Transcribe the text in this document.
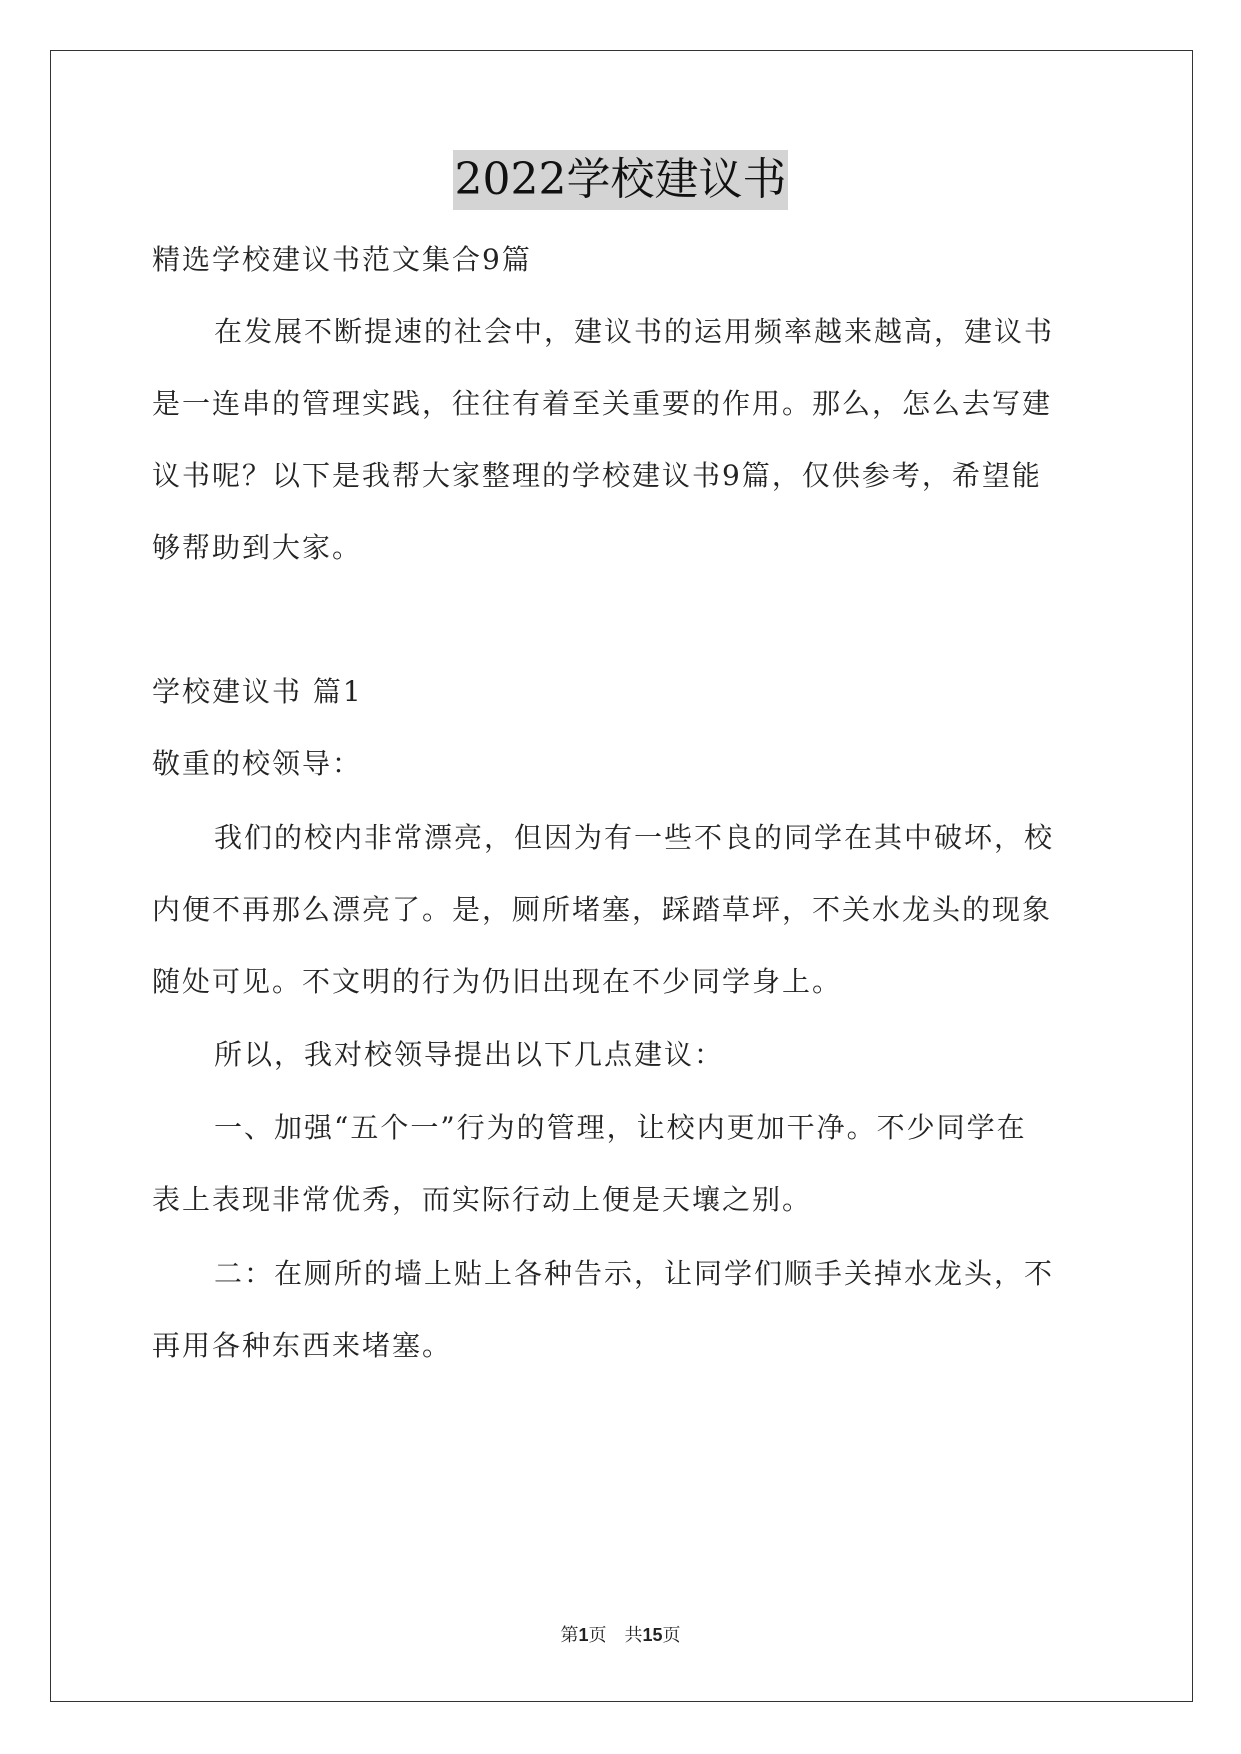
2022学校建议书
精选学校建议书范文集合9篇
在发展不断提速的社会中，建议书的运用频率越来越高，建议书
是一连串的管理实践，往往有着至关重要的作用。那么，怎么去写建
议书呢？以下是我帮大家整理的学校建议书9篇，仅供参考，希望能
够帮助到大家。
学校建议书 篇1
敬重的校领导：
我们的校内非常漂亮，但因为有一些不良的同学在其中破坏，校
内便不再那么漂亮了。是，厕所堵塞，踩踏草坪，不关水龙头的现象
随处可见。不文明的行为仍旧出现在不少同学身上。
所以，我对校领导提出以下几点建议：
一、加强“五个一”行为的管理，让校内更加干净。不少同学在
表上表现非常优秀，而实际行动上便是天壤之别。
二：在厕所的墙上贴上各种告示，让同学们顺手关掉水龙头，不
再用各种东西来堵塞。
第1页　共15页
